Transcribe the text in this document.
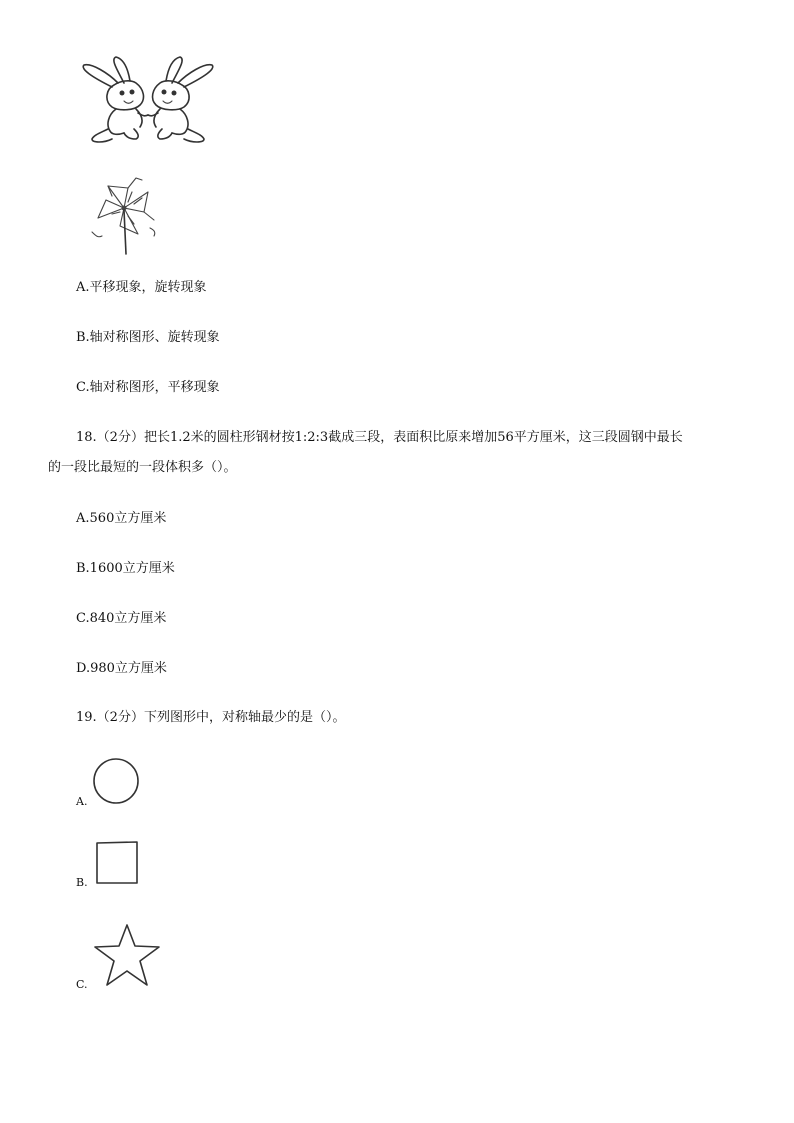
A.平移现象，旋转现象
B.轴对称图形、旋转现象
C.轴对称图形，平移现象
18.（2分）把长1.2米的圆柱形钢材按1:2:3截成三段，表面积比原来增加56平方厘米，这三段圆钢中最长
的一段比最短的一段体积多（）。
A.560立方厘米
B.1600立方厘米
C.840立方厘米
D.980立方厘米
19.（2分）下列图形中，对称轴最少的是（）。
A.
B.
C.
